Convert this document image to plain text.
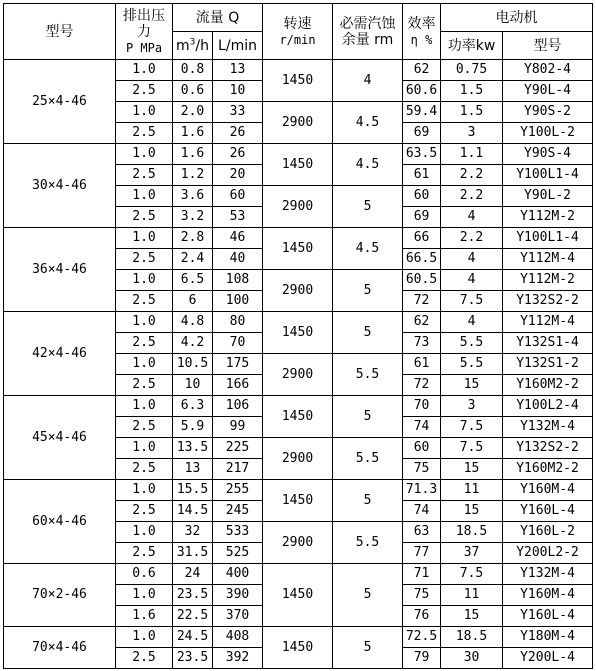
型号	排出压
力
P MPa	流量 Q		转速
r/min	必需汽蚀
余量 rm	效率
η %	电动机	
		$m^3/h$	L/min				功率kw	型号
25×4-46	1.0	0.8	13	1450	4	62	0.75	Y802-4
	2.5	0.6	10			60.6	1.5	Y90L-4
	1.0	2.0	33	2900	4.5	59.4	1.5	Y90S-2
	2.5	1.6	26			69	3	Y100L-2
30×4-46	1.0	1.6	26	1450	4.5	63.5	1.1	Y90S-4
	2.5	1.2	20			61	2.2	Y100L1-4
	1.0	3.6	60	2900	5	60	2.2	Y90L-2
	2.5	3.2	53			69	4	Y112M-2
36×4-46	1.0	2.8	46	1450	4.5	66	2.2	Y100L1-4
	2.5	2.4	40			66.5	4	Y112M-4
	1.0	6.5	108	2900	5	60.5	4	Y112M-2
	2.5	6	100			72	7.5	Y132S2-2
42×4-46	1.0	4.8	80	1450	5	62	4	Y112M-4
	2.5	4.2	70			73	5.5	Y132S1-4
	1.0	10.5	175	2900	5.5	61	5.5	Y132S1-2
	2.5	10	166			72	15	Y160M2-2
45×4-46	1.0	6.3	106	1450	5	70	3	Y100L2-4
	2.5	5.9	99			74	7.5	Y132M-4
	1.0	13.5	225	2900	5.5	60	7.5	Y132S2-2
	2.5	13	217			75	15	Y160M2-2
60×4-46	1.0	15.5	255	1450	5	71.3	11	Y160M-4
	2.5	14.5	245			74	15	Y160L-4
	1.0	32	533	2900	5.5	63	18.5	Y160L-2
	2.5	31.5	525			77	37	Y200L2-2
70×2-46	0.6	24	400	1450	5	71	7.5	Y132M-4
	1.0	23.5	390			75	11	Y160M-4
	1.6	22.5	370			76	15	Y160L-4
70×4-46	1.0	24.5	408	1450	5	72.5	18.5	Y180M-4
	2.5	23.5	392			79	30	Y200L-4
